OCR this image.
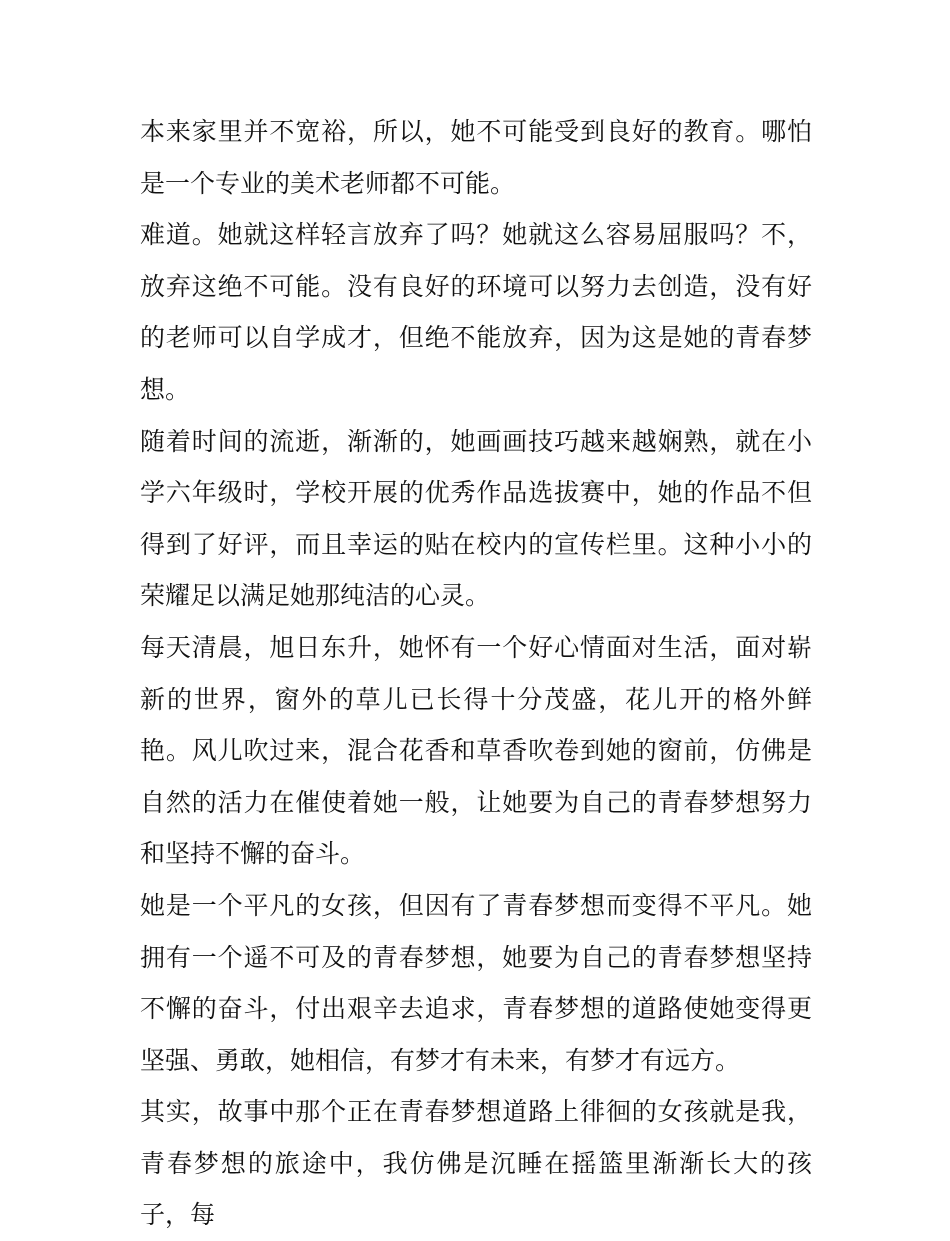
本来家里并不宽裕，所以，她不可能受到良好的教育。哪怕是一个专业的美术老师都不可能。

难道。她就这样轻言放弃了吗？她就这么容易屈服吗？不，放弃这绝不可能。没有良好的环境可以努力去创造，没有好的老师可以自学成才，但绝不能放弃，因为这是她的青春梦想。

随着时间的流逝，渐渐的，她画画技巧越来越娴熟，就在小学六年级时，学校开展的优秀作品选拔赛中，她的作品不但得到了好评，而且幸运的贴在校内的宣传栏里。这种小小的荣耀足以满足她那纯洁的心灵。

每天清晨，旭日东升，她怀有一个好心情面对生活，面对崭新的世界，窗外的草儿已长得十分茂盛，花儿开的格外鲜艳。风儿吹过来，混合花香和草香吹卷到她的窗前，仿佛是自然的活力在催使着她一般，让她要为自己的青春梦想努力和坚持不懈的奋斗。

她是一个平凡的女孩，但因有了青春梦想而变得不平凡。她拥有一个遥不可及的青春梦想，她要为自己的青春梦想坚持不懈的奋斗，付出艰辛去追求，青春梦想的道路使她变得更坚强、勇敢，她相信，有梦才有未来，有梦才有远方。

其实，故事中那个正在青春梦想道路上徘徊的女孩就是我，青春梦想的旅途中，我仿佛是沉睡在摇篮里渐渐长大的孩子，每
